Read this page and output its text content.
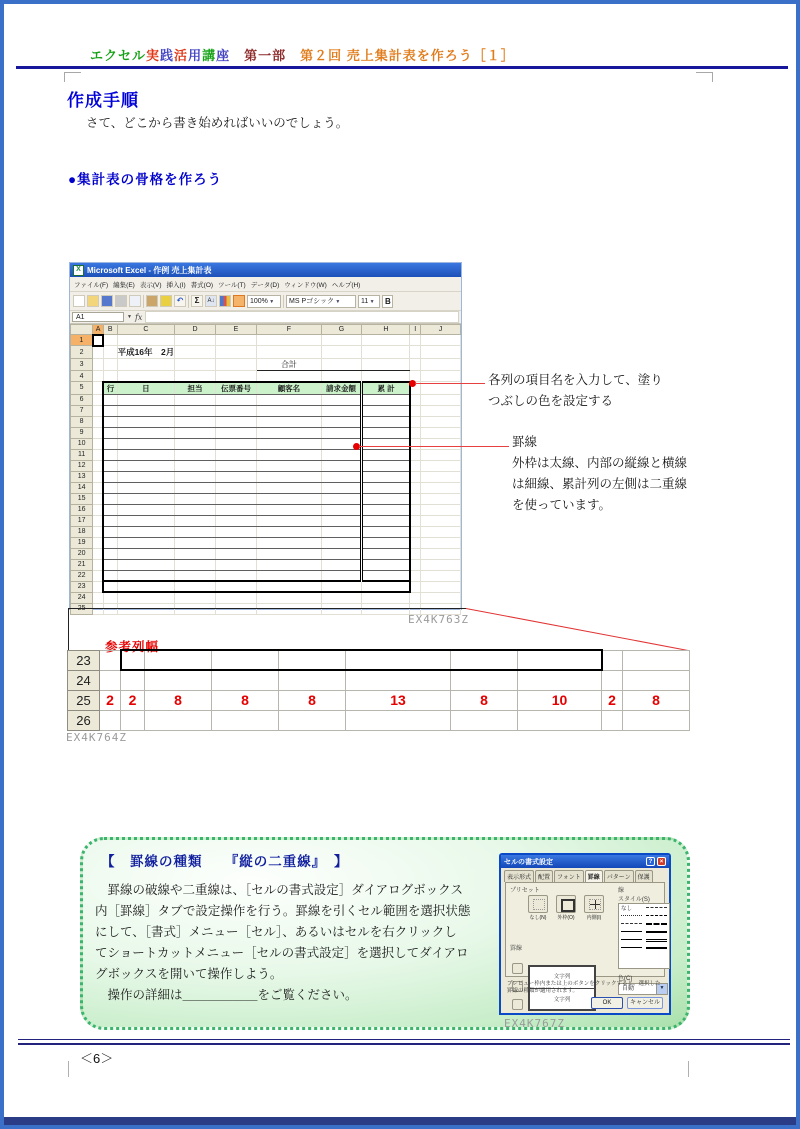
エクセル実践活用講座　第一部　第２回 売上集計表を作ろう［１］
作成手順
さて、どこから書き始めればいいのでしょう。
●集計表の骨格を作ろう
X Microsoft Excel - 作例 売上集計表
ファイル(F) 編集(E) 表示(V) 挿入(I) 書式(O) ツール(T) データ(D) ウィンドウ(W) ヘルプ(H)
↶	Σ	A↓	100% ▼	MS Pゴシック ▼	11 ▼	B
A1	▼ fx
	A	B	C	D	E	F	G	H	I	J
1										
2			平成16年　2月							
3						合計				
4										
5		行	日	担当	伝票番号	顧客名	請求金額	累 計		
6										
7										
8										
9										
10										
11										
12										
13										
14										
15										
16										
17										
18										
19										
20										
21										
22										
23										
24										

各列の項目名を入力して、塗り
つぶしの色を設定する
罫線
外枠は太線、内部の縦線と横線
は細線、累計列の左側は二重線
を使っています。
EX4K763Z
参考列幅
23										
24										
25	2	2	8	8	8	13	8	10	2	8
26										
EX4K764Z
【　罫線の種類　　『縦の二重線』　】
　罫線の破線や二重線は、［セルの書式設定］ダイアログボックス
内［罫線］タブで設定操作を行う。罫線を引くセル範囲を選択状態
にして、［書式］メニュー［セル］、あるいはセルを右クリックし
てショートカットメニュー［セルの書式設定］を選択してダイアロ
グボックスを開いて操作しよう。
　操作の詳細は＿＿＿＿＿＿をご覧ください。
セルの書式設定	?	×
表示形式	配置	フォント	罫線	パターン	保護
プリセット
なし(N)	外枠(O)	内側(I)
罫線
文字列
文字列
線
スタイル(S)
なし
色(C)
自動	▼
プレビュー枠内または上のボタンをクリックすると、選択した罫線の種類が適用されます。
OK	キャンセル
EX4K767Z
＜6＞
